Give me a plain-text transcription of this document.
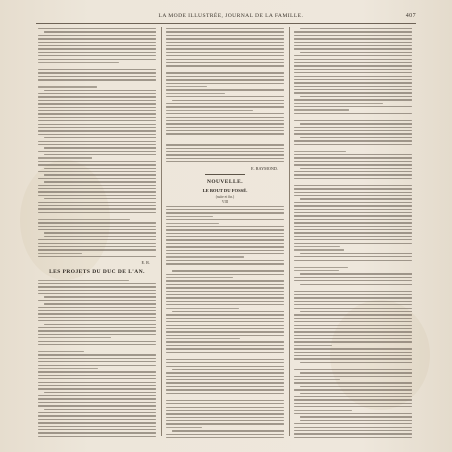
LA MODE ILLUSTRÉE, JOURNAL DE LA FAMILLE.	407
E. R.
LES PROJETS DU DUC DE L'AN.
E. RAYMOND.
NOUVELLE.
LE BOUT DU FOSSÉ.
(suite et fin.)
VIII
